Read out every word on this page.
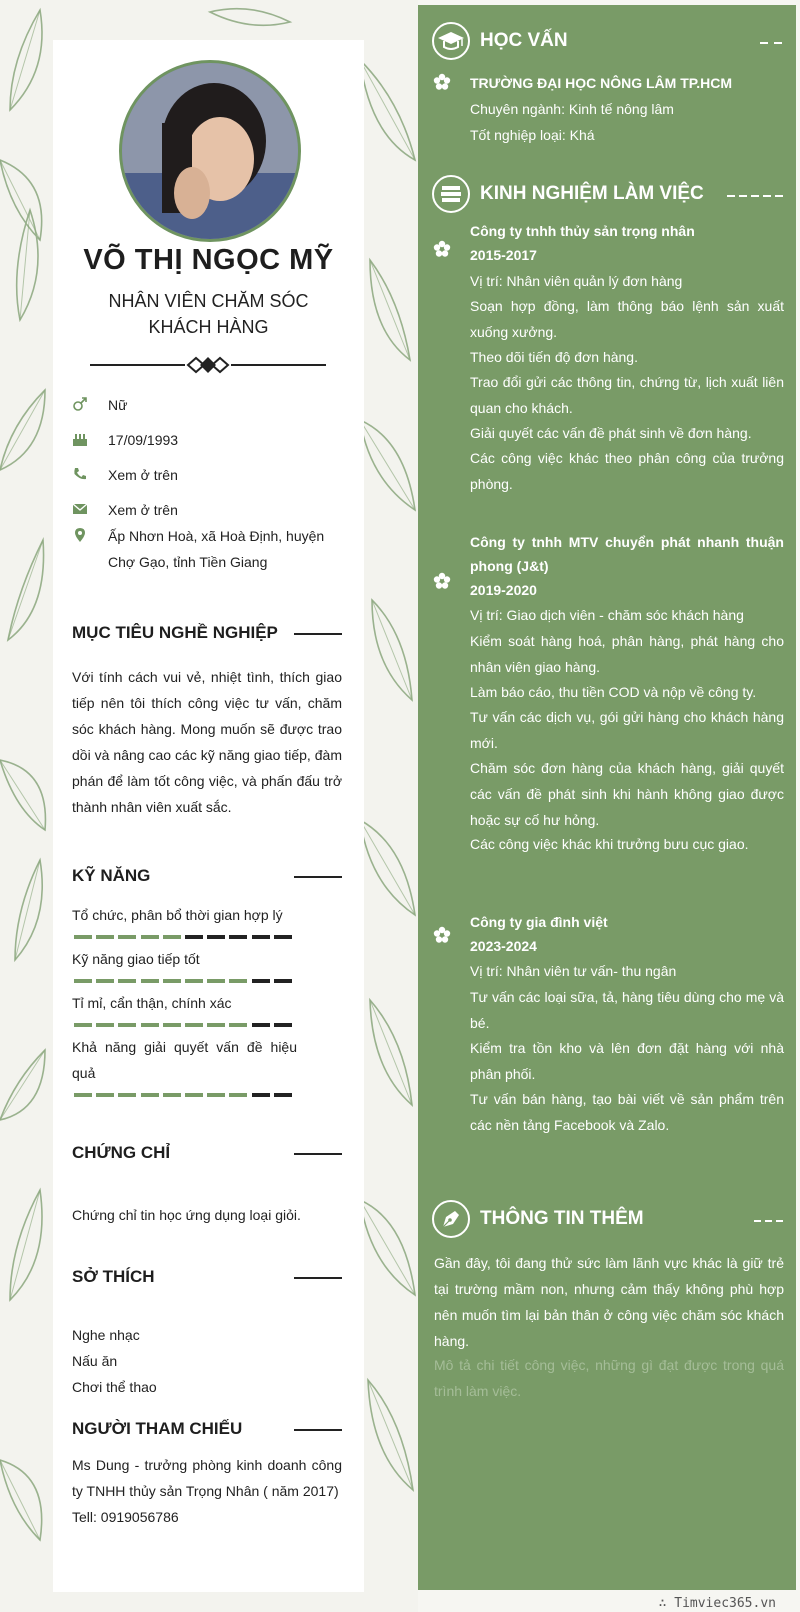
VÕ THỊ NGỌC MỸ
NHÂN VIÊN CHĂM SÓC KHÁCH HÀNG
Nữ
17/09/1993
Xem ở trên
Xem ở trên
Ấp Nhơn Hoà, xã Hoà Định, huyện Chợ Gạo, tỉnh Tiền Giang
MỤC TIÊU NGHỀ NGHIỆP
Với tính cách vui vẻ, nhiệt tình, thích giao tiếp nên tôi thích công việc tư vấn, chăm sóc khách hàng. Mong muốn sẽ được trao dồi và nâng cao các kỹ năng giao tiếp, đàm phán để làm tốt công việc, và phấn đấu trở thành nhân viên xuất sắc.
KỸ NĂNG
Tổ chức, phân bổ thời gian hợp lý
Kỹ năng giao tiếp tốt
Tỉ mỉ, cẩn thận, chính xác
Khả năng giải quyết vấn đề hiệu quả
CHỨNG CHỈ
Chứng chỉ tin học ứng dụng loại giỏi.
SỞ THÍCH
Nghe nhạc
Nấu ăn
Chơi thể thao
NGƯỜI THAM CHIẾU
Ms Dung - trưởng phòng kinh doanh công ty TNHH thủy sản Trọng Nhân ( năm 2017)
Tell: 0919056786
HỌC VẤN
TRƯỜNG ĐẠI HỌC NÔNG LÂM TP.HCM
Chuyên ngành: Kinh tế nông lâm
Tốt nghiệp loại: Khá
KINH NGHIỆM LÀM VIỆC
Công ty tnhh thủy sản trọng nhân
2015-2017
Vị trí: Nhân viên quản lý đơn hàng
Soạn hợp đồng, làm thông báo lệnh sản xuất xuống xưởng.
Theo dõi tiến độ đơn hàng.
Trao đổi gửi các thông tin, chứng từ, lịch xuất liên quan cho khách.
Giải quyết các vấn đề phát sinh về đơn hàng.
Các công việc khác theo phân công của trưởng phòng.
Công ty tnhh MTV chuyển phát nhanh thuận phong (J&t)
2019-2020
Vị trí: Giao dịch viên - chăm sóc khách hàng
Kiểm soát hàng hoá, phân hàng, phát hàng cho nhân viên giao hàng.
Làm báo cáo, thu tiền COD và nộp về công ty.
Tư vấn các dịch vụ, gói gửi hàng cho khách hàng mới.
Chăm sóc đơn hàng của khách hàng, giải quyết các vấn đề phát sinh khi hành không giao được hoặc sự cố hư hỏng.
Các công việc khác khi trưởng bưu cục giao.
Công ty gia đình việt
2023-2024
Vị trí: Nhân viên tư vấn- thu ngân
Tư vấn các loại sữa, tả, hàng tiêu dùng cho mẹ và bé.
Kiểm tra tồn kho và lên đơn đặt hàng với nhà phân phối.
Tư vấn bán hàng, tạo bài viết về sản phẩm trên các nền tảng Facebook và Zalo.
THÔNG TIN THÊM
Gần đây, tôi đang thử sức làm lãnh vực khác là giữ trẻ tại trường mầm non, nhưng cảm thấy không phù hợp nên muốn tìm lại bản thân ở công việc chăm sóc khách hàng.
Mô tả chi tiết công việc, những gì đạt được trong quá trình làm việc.
∴ Timviec365.vn
